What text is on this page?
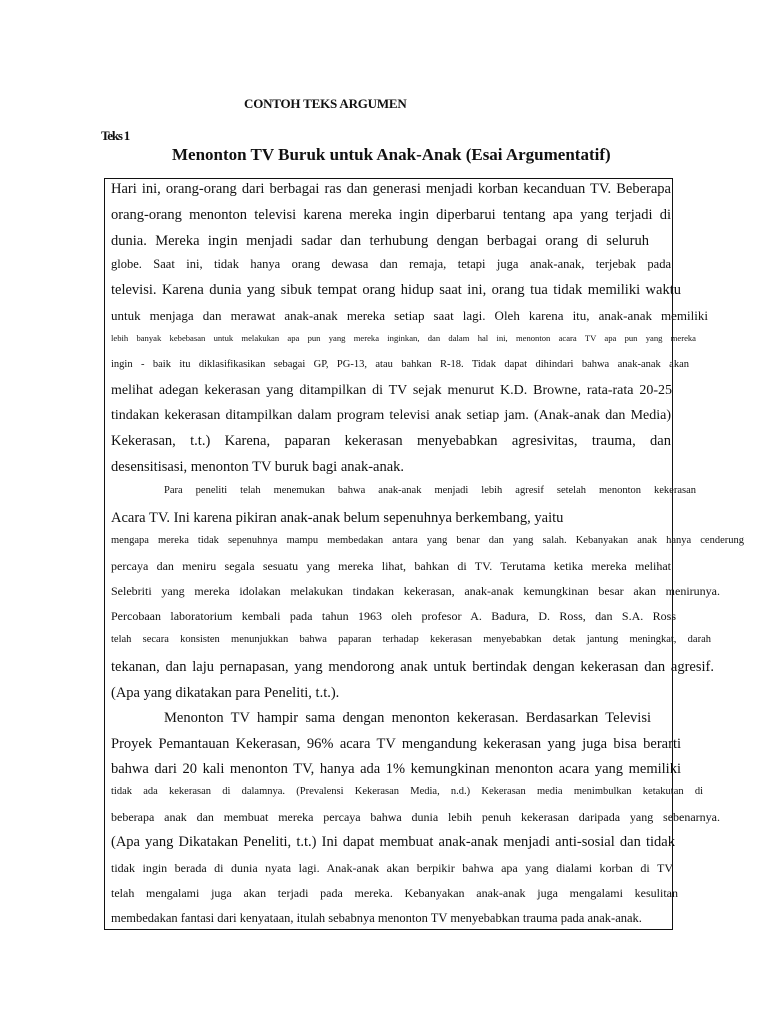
CONTOH TEKS ARGUMEN
Teks 1
Menonton TV Buruk untuk Anak-Anak (Esai Argumentatif)
Hari ini, orang-orang dari berbagai ras dan generasi menjadi korban kecanduan TV. Beberapa
orang-orang menonton televisi karena mereka ingin diperbarui tentang apa yang terjadi di
dunia. Mereka ingin menjadi sadar dan terhubung dengan berbagai orang di seluruh
globe. Saat ini, tidak hanya orang dewasa dan remaja, tetapi juga anak-anak, terjebak pada
televisi. Karena dunia yang sibuk tempat orang hidup saat ini, orang tua tidak memiliki waktu
untuk menjaga dan merawat anak-anak mereka setiap saat lagi. Oleh karena itu, anak-anak memiliki
lebih banyak kebebasan untuk melakukan apa pun yang mereka inginkan, dan dalam hal ini, menonton acara TV apa pun yang mereka
ingin - baik itu diklasifikasikan sebagai GP, PG-13, atau bahkan R-18. Tidak dapat dihindari bahwa anak-anak akan
melihat adegan kekerasan yang ditampilkan di TV sejak menurut K.D. Browne, rata-rata 20-25
tindakan kekerasan ditampilkan dalam program televisi anak setiap jam. (Anak-anak dan Media)
Kekerasan, t.t.) Karena, paparan kekerasan menyebabkan agresivitas, trauma, dan
desensitisasi, menonton TV buruk bagi anak-anak.
Para peneliti telah menemukan bahwa anak-anak menjadi lebih agresif setelah menonton kekerasan
Acara TV. Ini karena pikiran anak-anak belum sepenuhnya berkembang, yaitu
mengapa mereka tidak sepenuhnya mampu membedakan antara yang benar dan yang salah. Kebanyakan anak hanya cenderung
percaya dan meniru segala sesuatu yang mereka lihat, bahkan di TV. Terutama ketika mereka melihat
Selebriti yang mereka idolakan melakukan tindakan kekerasan, anak-anak kemungkinan besar akan menirunya.
Percobaan laboratorium kembali pada tahun 1963 oleh profesor A. Badura, D. Ross, dan S.A. Ross
telah secara konsisten menunjukkan bahwa paparan terhadap kekerasan menyebabkan detak jantung meningkat, darah
tekanan, dan laju pernapasan, yang mendorong anak untuk bertindak dengan kekerasan dan agresif.
(Apa yang dikatakan para Peneliti, t.t.).
Menonton TV hampir sama dengan menonton kekerasan. Berdasarkan Televisi
Proyek Pemantauan Kekerasan, 96% acara TV mengandung kekerasan yang juga bisa berarti
bahwa dari 20 kali menonton TV, hanya ada 1% kemungkinan menonton acara yang memiliki
tidak ada kekerasan di dalamnya. (Prevalensi Kekerasan Media, n.d.) Kekerasan media menimbulkan ketakutan di
beberapa anak dan membuat mereka percaya bahwa dunia lebih penuh kekerasan daripada yang sebenarnya.
(Apa yang Dikatakan Peneliti, t.t.) Ini dapat membuat anak-anak menjadi anti-sosial dan tidak
tidak ingin berada di dunia nyata lagi. Anak-anak akan berpikir bahwa apa yang dialami korban di TV
telah mengalami juga akan terjadi pada mereka. Kebanyakan anak-anak juga mengalami kesulitan
membedakan fantasi dari kenyataan, itulah sebabnya menonton TV menyebabkan trauma pada anak-anak.
